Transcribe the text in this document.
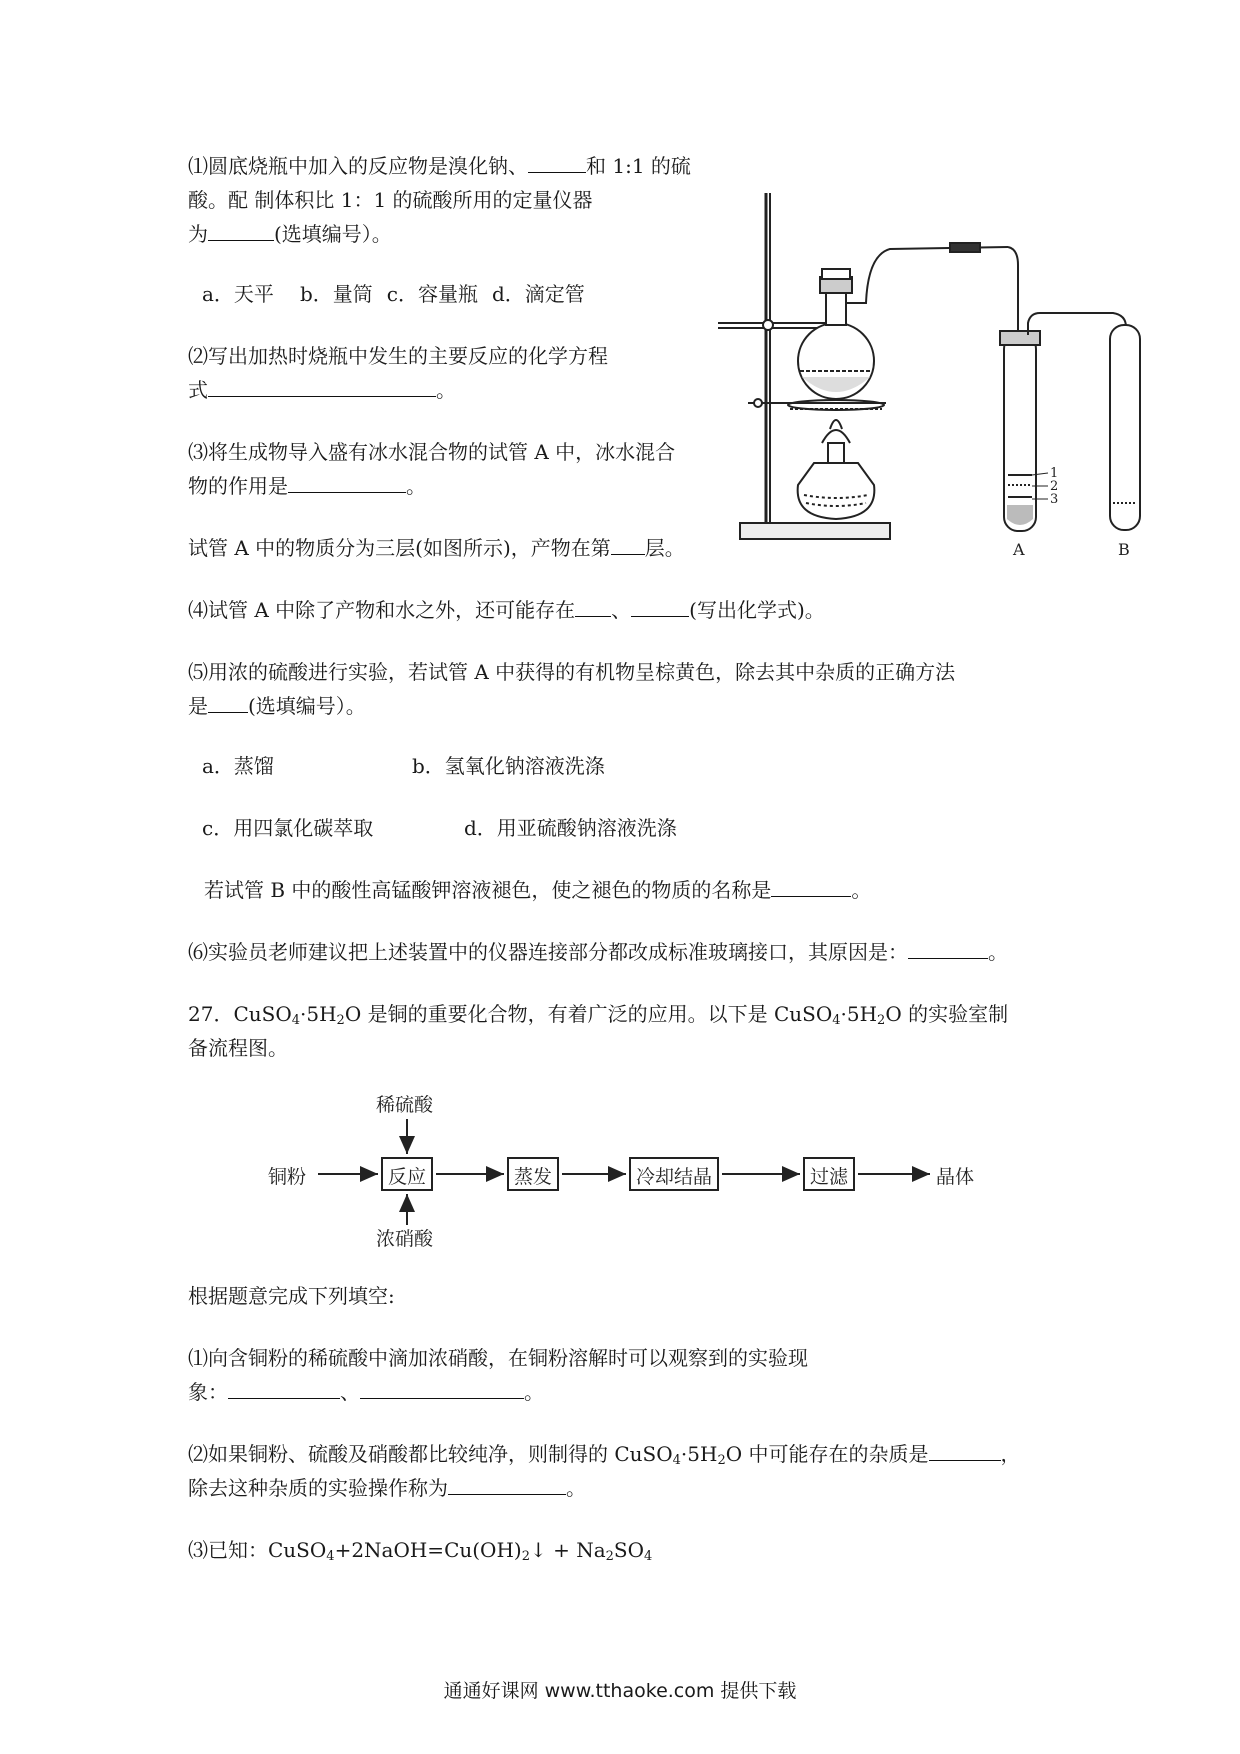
⑴圆底烧瓶中加入的反应物是溴化钠、	和 1:1 的硫
酸。配 制体积比 1：1 的硫酸所用的定量仪器
为	(选填编号）。
a．天平 b．量筒 c．容量瓶 d．滴定管
⑵写出加热时烧瓶中发生的主要反应的化学方程
式	。
⑶将生成物导入盛有冰水混合物的试管 A 中，冰水混合
物的作用是	。
试管 A 中的物质分为三层(如图所示)，产物在第 层。
1
2
3
A	B
⑷试管 A 中除了产物和水之外，还可能存在 、	(写出化学式)。
⑸用浓的硫酸进行实验，若试管 A 中获得的有机物呈棕黄色，除去其中杂质的正确方法
是 (选填编号）。
a．蒸馏	b．氢氧化钠溶液洗涤
c．用四氯化碳萃取	d．用亚硫酸钠溶液洗涤
若试管 B 中的酸性高锰酸钾溶液褪色，使之褪色的物质的名称是	。
⑹实验员老师建议把上述装置中的仪器连接部分都改成标准玻璃接口，其原因是：	。
27．$CuSO_4\cdot 5H_2O$ 是铜的重要化合物，有着广泛的应用。以下是 $CuSO_4\cdot 5H_2O$ 的实验室制
备流程图。
稀硫酸
浓硝酸
铜粉	反应	蒸发	冷却结晶	过滤	晶体
根据题意完成下列填空:
⑴向含铜粉的稀硫酸中滴加浓硝酸，在铜粉溶解时可以观察到的实验现
象：	、	。
⑵如果铜粉、硫酸及硝酸都比较纯净，则制得的 $CuSO_4\cdot 5H_2O$ 中可能存在的杂质是	，
除去这种杂质的实验操作称为	。
⑶已知：$CuSO_4+2NaOH=Cu(OH)_2↓ + Na_2SO_4$
通通好课网 www.tthaoke.com 提供下载
